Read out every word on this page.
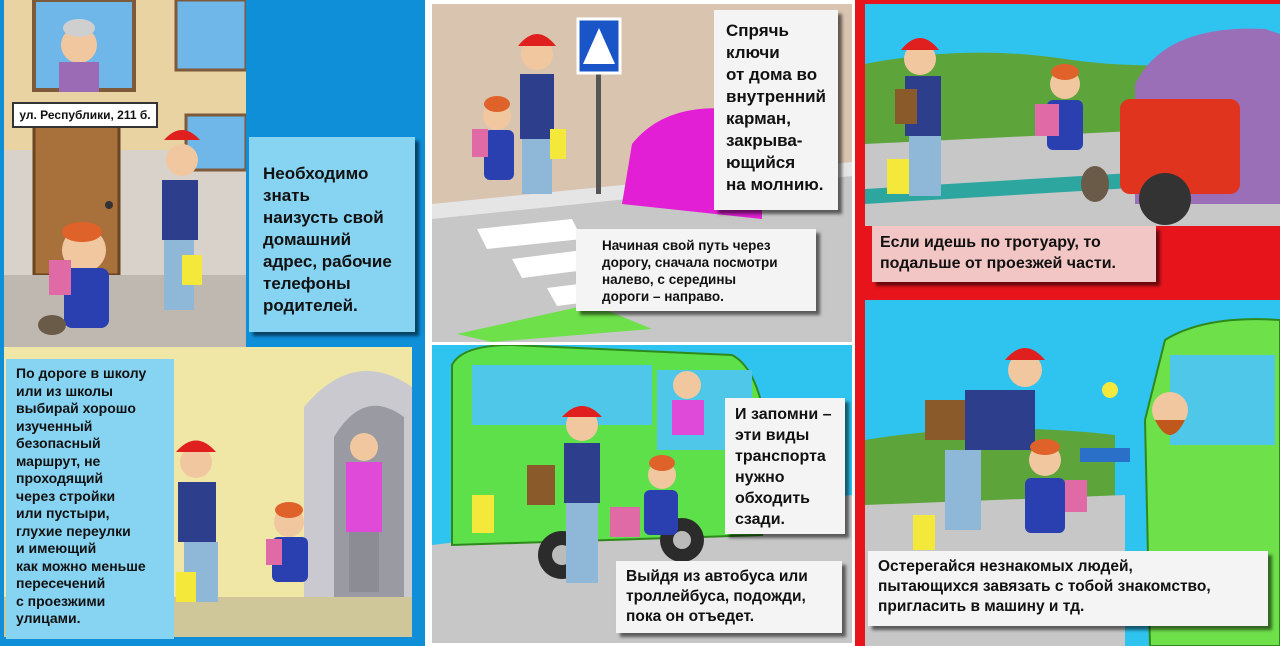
ул. Республики, 211 б.
Необходимо
знать
наизусть свой
домашний
адрес, рабочие
телефоны
родителей.
По дороге в школу
или из школы
выбирай хорошо
изученный
безопасный
маршрут, не
проходящий
через стройки
или пустыри,
глухие переулки
и имеющий
как можно меньше
пересечений
с проезжими
улицами.
Спрячь
ключи
от дома во
внутренний
карман,
закрыва-
ющийся
на молнию.
Начиная свой путь через
дорогу, сначала посмотри
налево, с середины
дороги – направо.
И запомни –
эти виды
транспорта
нужно
обходить
сзади.
Выйдя из автобуса или
троллейбуса, подожди,
пока он отъедет.
Если идешь по тротуару, то
подальше от проезжей части.
Остерегайся незнакомых людей,
пытающихся завязать с тобой знакомство,
пригласить в машину и тд.
